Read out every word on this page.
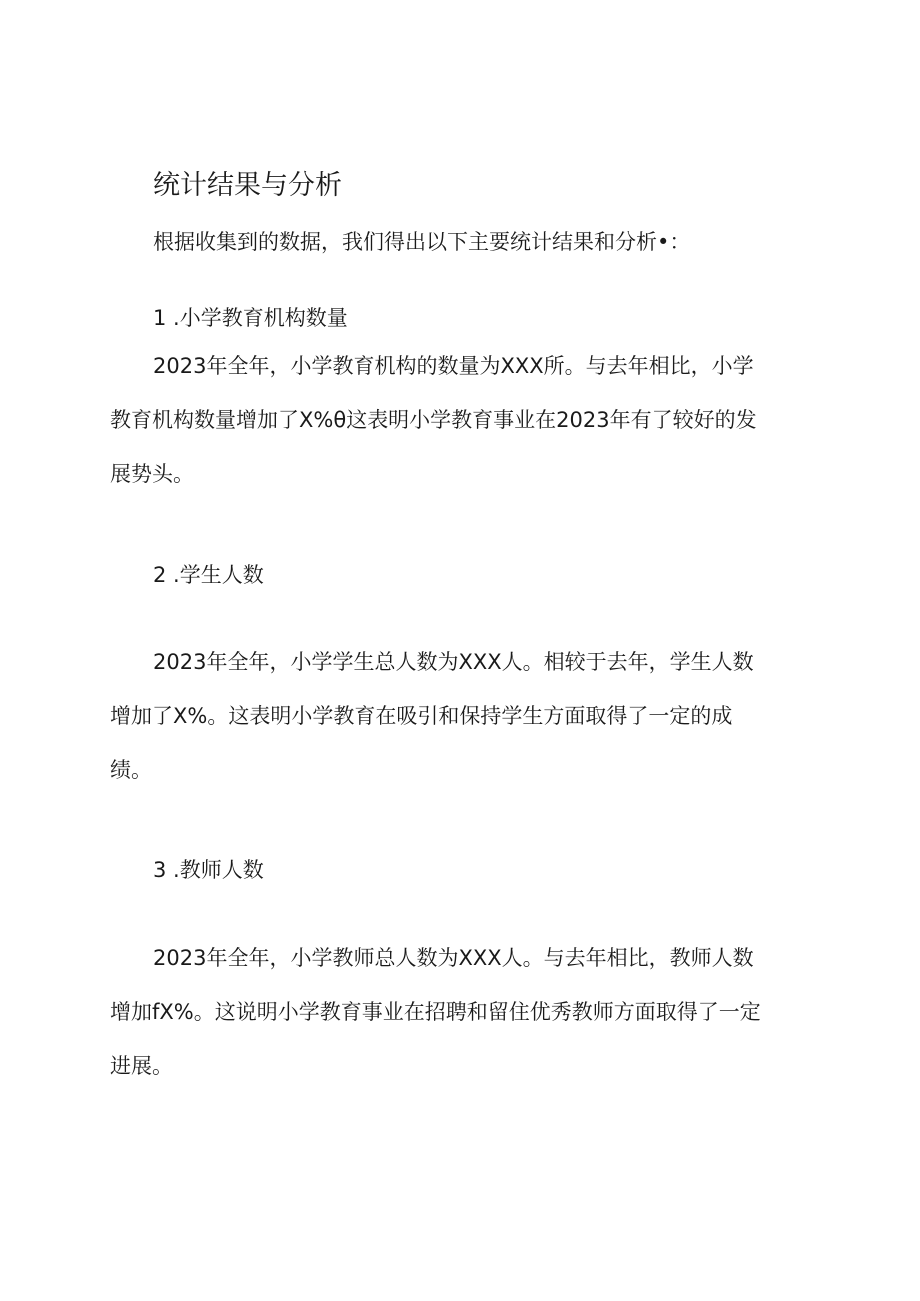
统计结果与分析

根据收集到的数据，我们得出以下主要统计结果和分析•：

1 .小学教育机构数量
2023年全年，小学教育机构的数量为XXX所。与去年相比，小学
教育机构数量增加了X%θ这表明小学教育事业在2023年有了较好的发
展势头。
2 .学生人数
2023年全年，小学学生总人数为XXX人。相较于去年，学生人数
增加了X%。这表明小学教育在吸引和保持学生方面取得了一定的成
绩。
3 .教师人数
2023年全年，小学教师总人数为XXX人。与去年相比，教师人数
增加fX%。这说明小学教育事业在招聘和留住优秀教师方面取得了一定
进展。
